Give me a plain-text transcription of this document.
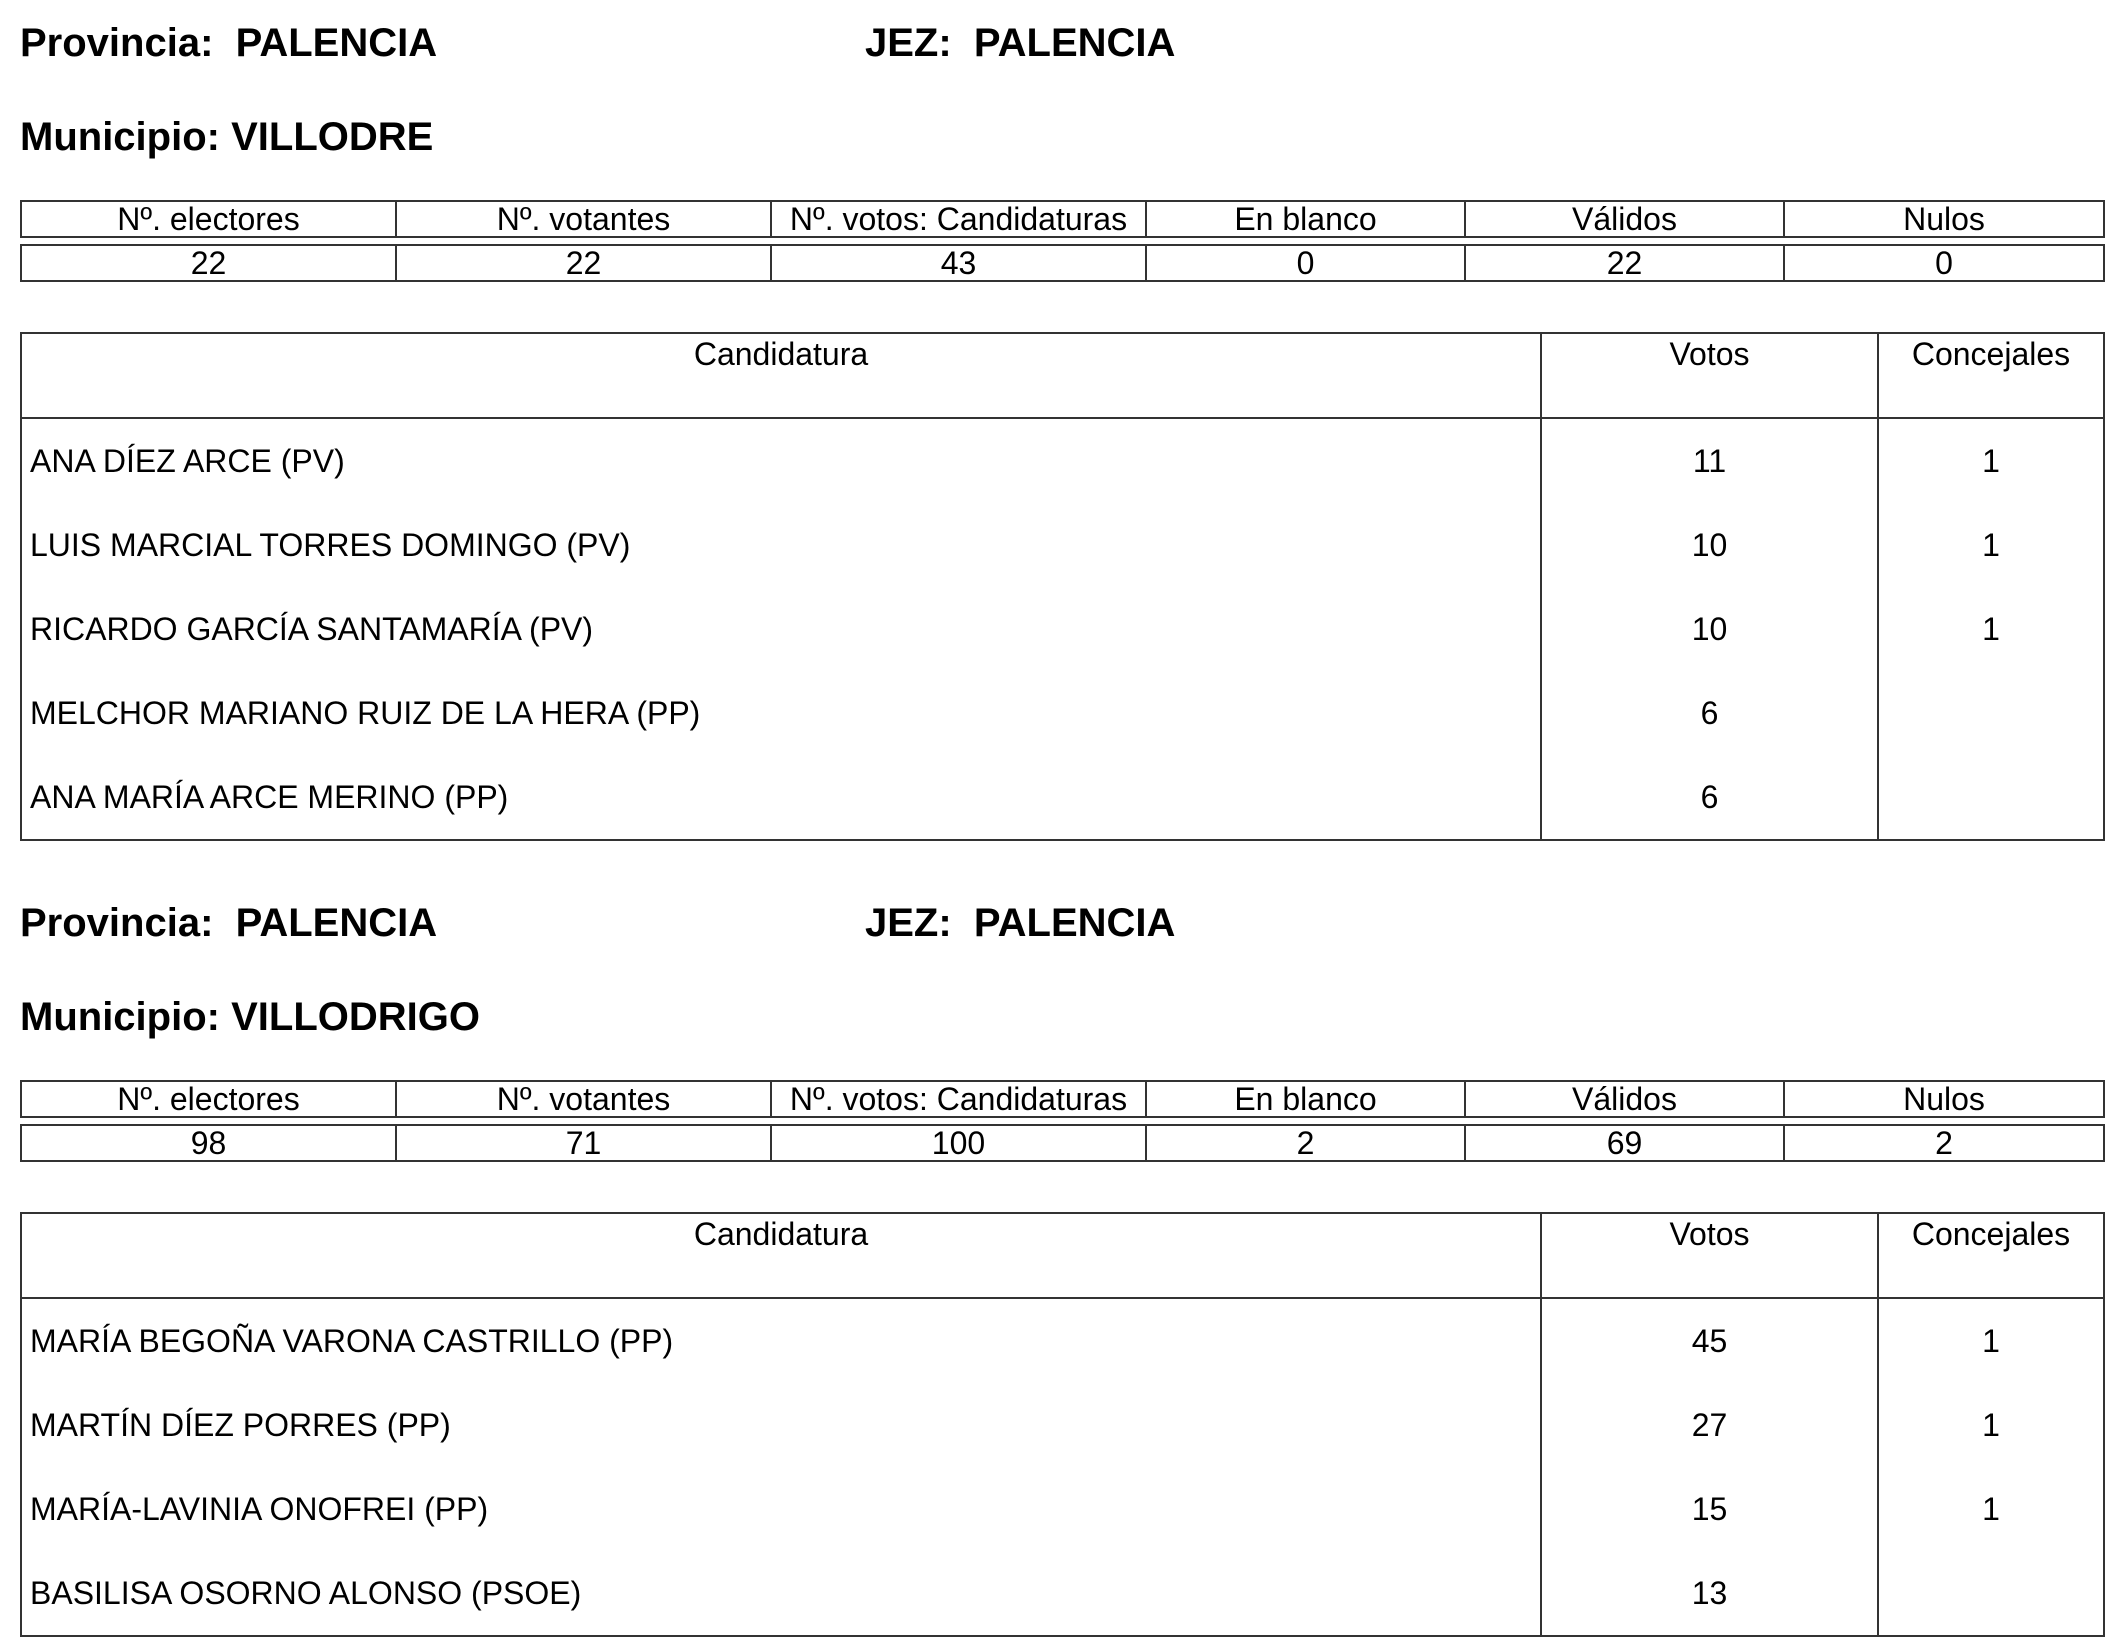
Provincia: PALENCIA	JEZ: PALENCIA
Municipio: VILLODRE
Nº. electores	Nº. votantes	Nº. votos: Candidaturas	En blanco	Válidos	Nulos

22	22	43	0	22	0
Candidatura	Votos	Concejales
ANA DÍEZ ARCE (PV)	11	1
LUIS MARCIAL TORRES DOMINGO (PV)	10	1
RICARDO GARCÍA SANTAMARÍA (PV)	10	1
MELCHOR MARIANO RUIZ DE LA HERA (PP)	6	
ANA MARÍA ARCE MERINO (PP)	6	
Provincia: PALENCIA	JEZ: PALENCIA
Municipio: VILLODRIGO
Nº. electores	Nº. votantes	Nº. votos: Candidaturas	En blanco	Válidos	Nulos

98	71	100	2	69	2
Candidatura	Votos	Concejales
MARÍA BEGOÑA VARONA CASTRILLO (PP)	45	1
MARTÍN DÍEZ PORRES (PP)	27	1
MARÍA-LAVINIA ONOFREI (PP)	15	1
BASILISA OSORNO ALONSO (PSOE)	13	
